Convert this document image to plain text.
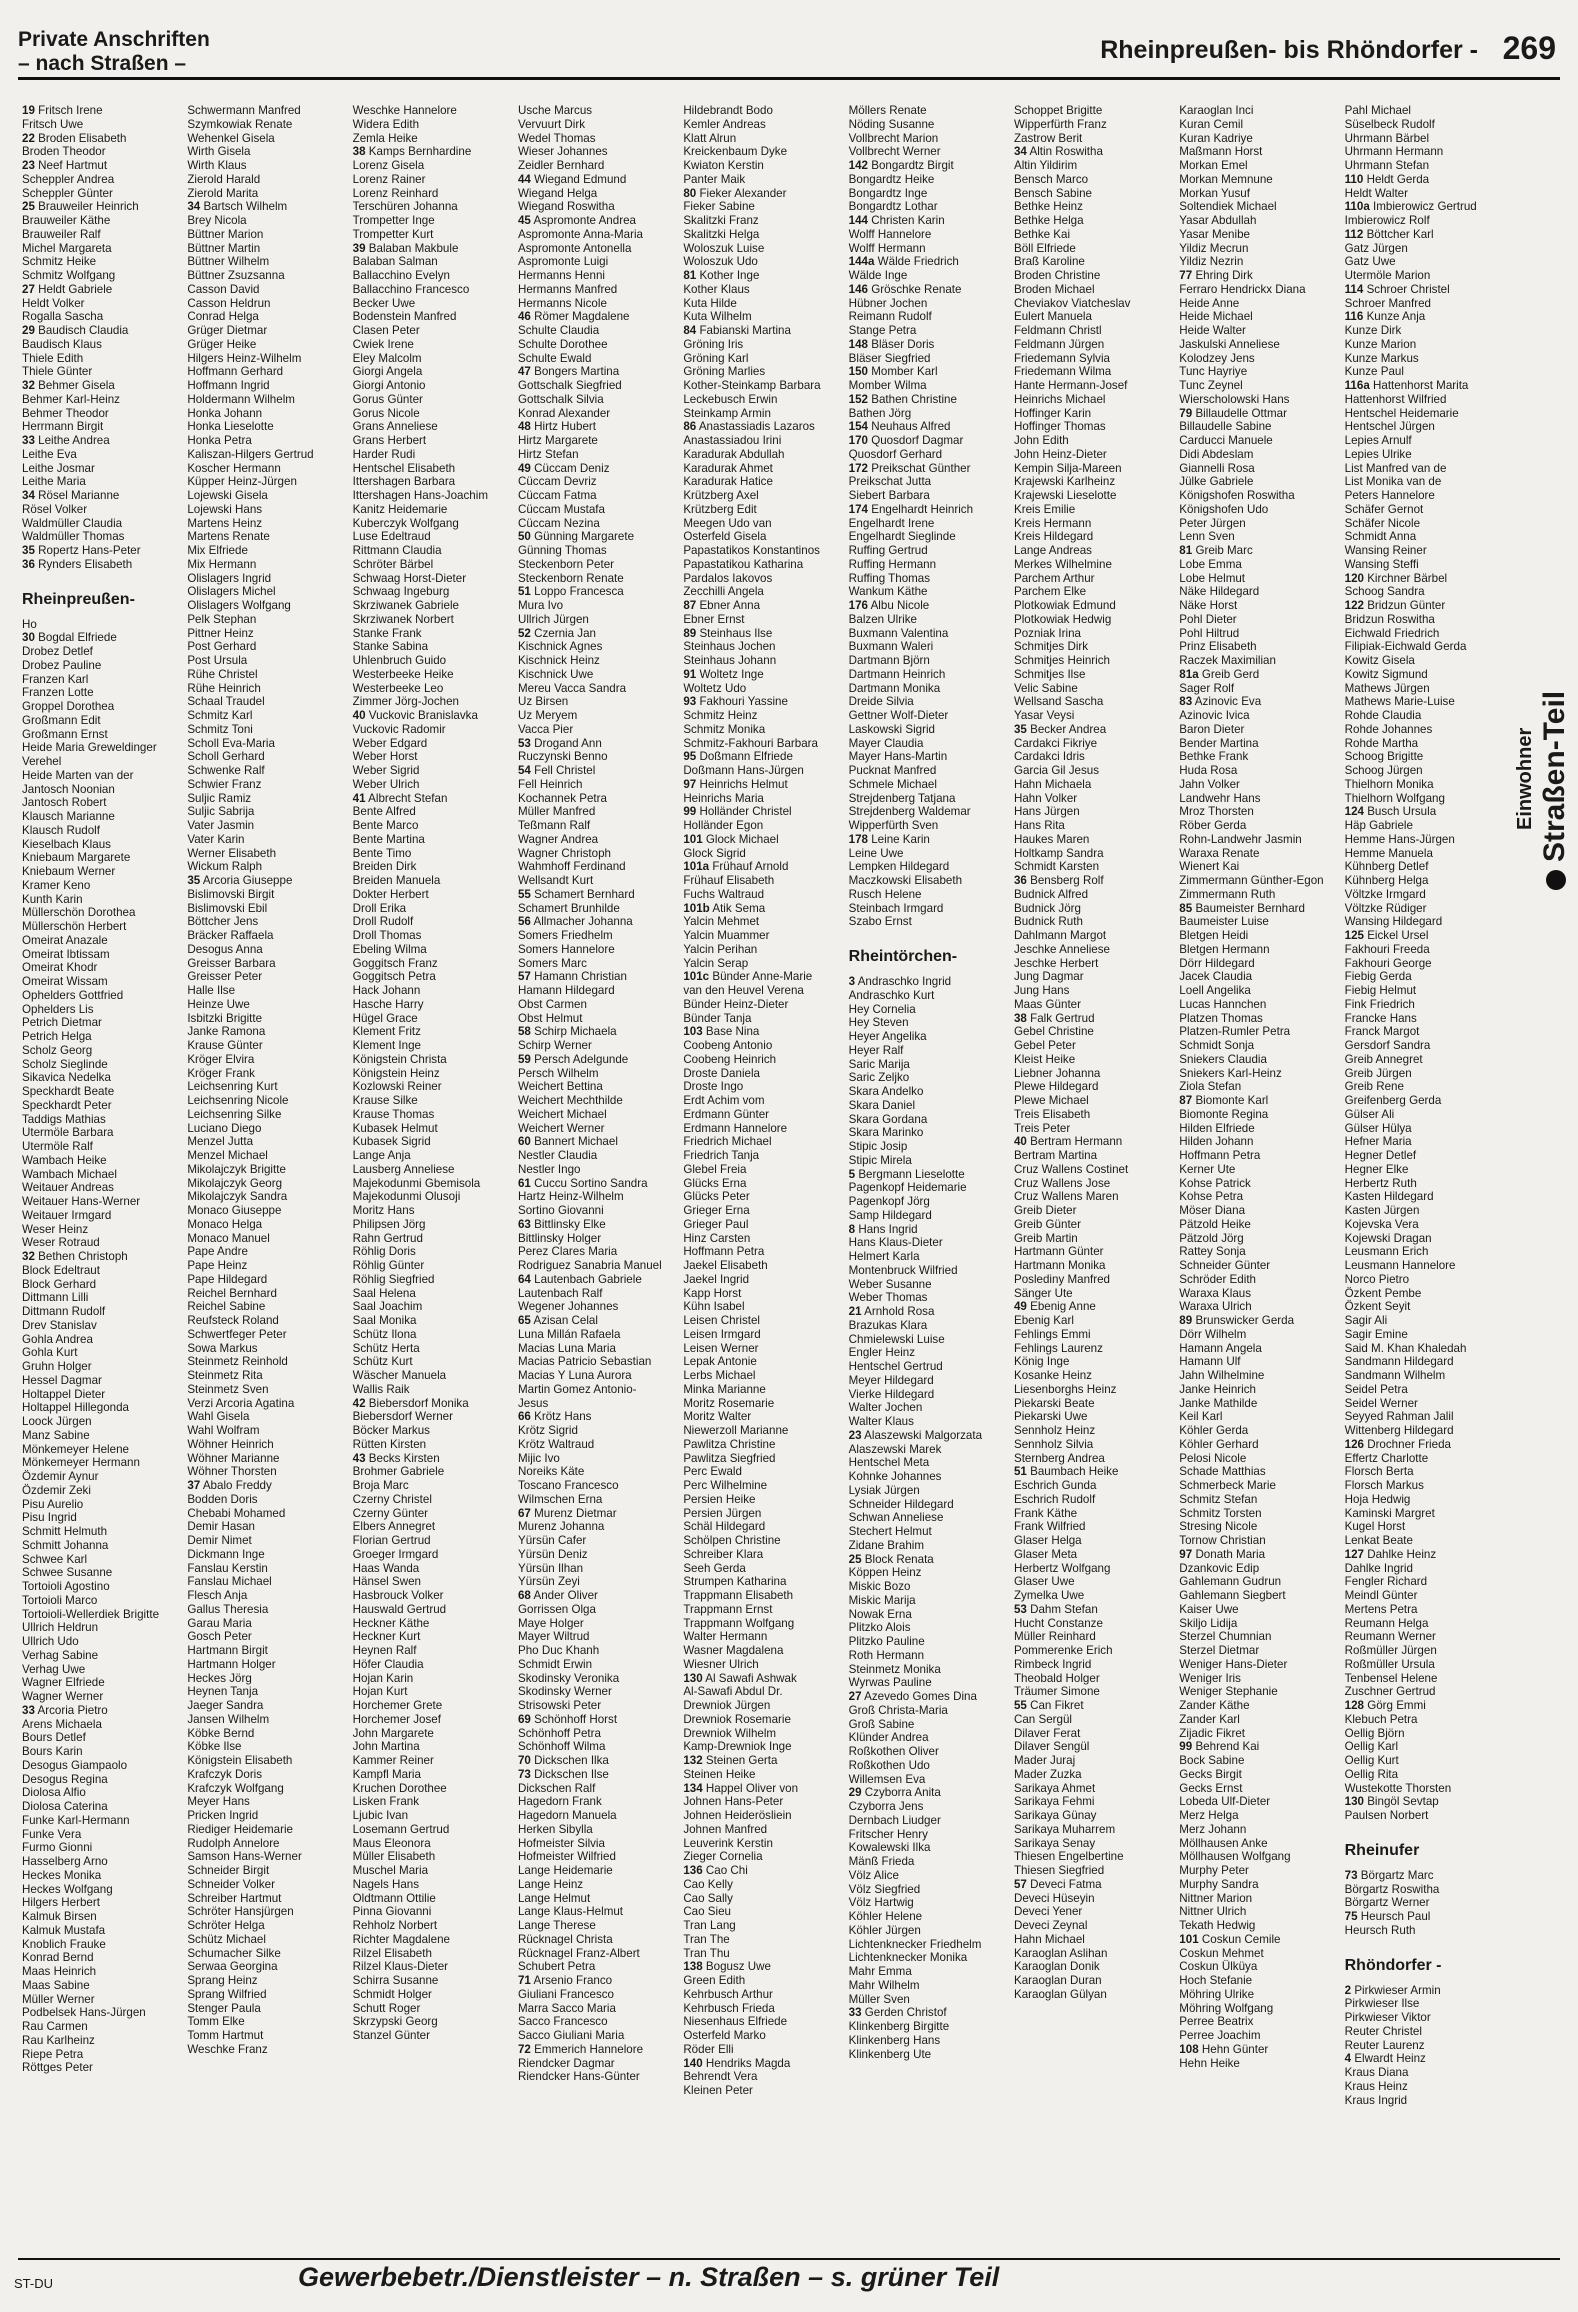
Private Anschriften
– nach Straßen –	Rheinpreußen- bis Rhöndorfer - 269
19 Fritsch Irene
Fritsch Uwe
22 Broden Elisabeth
Broden Theodor
23 Neef Hartmut
Scheppler Andrea
Scheppler Günter
25 Brauweiler Heinrich
Brauweiler Käthe
Brauweiler Ralf
Michel Margareta
Schmitz Heike
Schmitz Wolfgang
27 Heldt Gabriele
Heldt Volker
Rogalla Sascha
29 Baudisch Claudia
Baudisch Klaus
Thiele Edith
Thiele Günter
32 Behmer Gisela
Behmer Karl-Heinz
Behmer Theodor
Herrmann Birgit
33 Leithe Andrea
Leithe Eva
Leithe Josmar
Leithe Maria
34 Rösel Marianne
Rösel Volker
Waldmüller Claudia
Waldmüller Thomas
35 Ropertz Hans-Peter
36 Rynders Elisabeth
Rheinpreußen-
Ho
30 Bogdal Elfriede
Drobez Detlef
Drobez Pauline
Franzen Karl
Franzen Lotte
Groppel Dorothea
Großmann Edit
Großmann Ernst
Heide Maria Greweldinger
Verehel
Heide Marten van der
Jantosch Noonian
Jantosch Robert
Klausch Marianne
Klausch Rudolf
Kieselbach Klaus
Kniebaum Margarete
Kniebaum Werner
Kramer Keno
Kunth Karin
Müllerschön Dorothea
Müllerschön Herbert
Omeirat Anazale
Omeirat Ibtissam
Omeirat Khodr
Omeirat Wissam
Ophelders Gottfried
Ophelders Lis
Petrich Dietmar
Petrich Helga
Scholz Georg
Scholz Sieglinde
Sikavica Nedelka
Speckhardt Beate
Speckhardt Peter
Taddigs Mathias
Utermöle Barbara
Utermöle Ralf
Wambach Heike
Wambach Michael
Weitauer Andreas
Weitauer Hans-Werner
Weitauer Irmgard
Weser Heinz
Weser Rotraud
32 Bethen Christoph
Block Edeltraut
Block Gerhard
Dittmann Lilli
Dittmann Rudolf
Drev Stanislav
Gohla Andrea
Gohla Kurt
Gruhn Holger
Hessel Dagmar
Holtappel Dieter
Holtappel Hillegonda
Loock Jürgen
Manz Sabine
Mönkemeyer Helene
Mönkemeyer Hermann
Özdemir Aynur
Özdemir Zeki
Pisu Aurelio
Pisu Ingrid
Schmitt Helmuth
Schmitt Johanna
Schwee Karl
Schwee Susanne
Tortoioli Agostino
Tortoioli Marco
Tortoioli-Wellerdiek Brigitte
Ullrich Heldrun
Ullrich Udo
Verhag Sabine
Verhag Uwe
Wagner Elfriede
Wagner Werner
33 Arcoria Pietro
Arens Michaela
Bours Detlef
Bours Karin
Desogus Giampaolo
Desogus Regina
Diolosa Alfio
Diolosa Caterina
Funke Karl-Hermann
Funke Vera
Furmo Gionni
Hasselberg Arno
Heckes Monika
Heckes Wolfgang
Hilgers Herbert
Kalmuk Birsen
Kalmuk Mustafa
Knoblich Frauke
Konrad Bernd
Maas Heinrich
Maas Sabine
Müller Werner
Podbelsek Hans-Jürgen
Rau Carmen
Rau Karlheinz
Riepe Petra
Röttges Peter
Schwermann Manfred
Szymkowiak Renate
Wehenkel Gisela
Wirth Gisela
Wirth Klaus
Zierold Harald
Zierold Marita
34 Bartsch Wilhelm
Brey Nicola
Büttner Marion
Büttner Martin
Büttner Wilhelm
Büttner Zsuzsanna
Casson David
Casson Heldrun
Conrad Helga
Grüger Dietmar
Grüger Heike
Hilgers Heinz-Wilhelm
Hoffmann Gerhard
Hoffmann Ingrid
Holdermann Wilhelm
Honka Johann
Honka Lieselotte
Honka Petra
Kaliszan-Hilgers Gertrud
Koscher Hermann
Küpper Heinz-Jürgen
Lojewski Gisela
Lojewski Hans
Martens Heinz
Martens Renate
Mix Elfriede
Mix Hermann
Olislagers Ingrid
Olislagers Michel
Olislagers Wolfgang
Pelk Stephan
Pittner Heinz
Post Gerhard
Post Ursula
Rühe Christel
Rühe Heinrich
Schaal Traudel
Schmitz Karl
Schmitz Toni
Scholl Eva-Maria
Scholl Gerhard
Schwenke Ralf
Schwier Franz
Suljic Ramiz
Suljic Sabrija
Vater Jasmin
Vater Karin
Werner Elisabeth
Wickum Ralph
35 Arcoria Giuseppe
Bislimovski Birgit
Bislimovski Ebil
Böttcher Jens
Bräcker Raffaela
Desogus Anna
Greisser Barbara
Greisser Peter
Halle Ilse
Heinze Uwe
Isbitzki Brigitte
Janke Ramona
Krause Günter
Kröger Elvira
Kröger Frank
Leichsenring Kurt
Leichsenring Nicole
Leichsenring Silke
Luciano Diego
Menzel Jutta
Menzel Michael
Mikolajczyk Brigitte
Mikolajczyk Georg
Mikolajczyk Sandra
Monaco Giuseppe
Monaco Helga
Monaco Manuel
Pape Andre
Pape Heinz
Pape Hildegard
Reichel Bernhard
Reichel Sabine
Reufsteck Roland
Schwertfeger Peter
Sowa Markus
Steinmetz Reinhold
Steinmetz Rita
Steinmetz Sven
Verzi Arcoria Agatina
Wahl Gisela
Wahl Wolfram
Wöhner Heinrich
Wöhner Marianne
Wöhner Thorsten
37 Abalo Freddy
Bodden Doris
Chebabi Mohamed
Demir Hasan
Demir Nimet
Dickmann Inge
Fanslau Kerstin
Fanslau Michael
Flesch Anja
Gallus Theresia
Garau Maria
Gosch Peter
Hartmann Birgit
Hartmann Holger
Heckes Jörg
Heynen Tanja
Jaeger Sandra
Jansen Wilhelm
Köbke Bernd
Köbke Ilse
Königstein Elisabeth
Krafczyk Doris
Krafczyk Wolfgang
Meyer Hans
Pricken Ingrid
Riediger Heidemarie
Rudolph Annelore
Samson Hans-Werner
Schneider Birgit
Schneider Volker
Schreiber Hartmut
Schröter Hansjürgen
Schröter Helga
Schütz Michael
Schumacher Silke
Serwaa Georgina
Sprang Heinz
Sprang Wilfried
Stenger Paula
Tomm Elke
Tomm Hartmut
Weschke Franz
Weschke Hannelore
Widera Edith
Zemla Heike
38 Kamps Bernhardine
Lorenz Gisela
Lorenz Rainer
Lorenz Reinhard
Terschüren Johanna
Trompetter Inge
Trompetter Kurt
39 Balaban Makbule
Balaban Salman
Ballacchino Evelyn
Ballacchino Francesco
Becker Uwe
Bodenstein Manfred
Clasen Peter
Cwiek Irene
Eley Malcolm
Giorgi Angela
Giorgi Antonio
Gorus Günter
Gorus Nicole
Grans Anneliese
Grans Herbert
Harder Rudi
Hentschel Elisabeth
Ittershagen Barbara
Ittershagen Hans-Joachim
Kanitz Heidemarie
Kuberczyk Wolfgang
Luse Edeltraud
Rittmann Claudia
Schröter Bärbel
Schwaag Horst-Dieter
Schwaag Ingeburg
Skrziwanek Gabriele
Skrziwanek Norbert
Stanke Frank
Stanke Sabina
Uhlenbruch Guido
Westerbeeke Heike
Westerbeeke Leo
Zimmer Jörg-Jochen
40 Vuckovic Branislavka
Vuckovic Radomir
Weber Edgard
Weber Horst
Weber Sigrid
Weber Ulrich
41 Albrecht Stefan
Bente Alfred
Bente Marco
Bente Martina
Bente Timo
Breiden Dirk
Breiden Manuela
Dokter Herbert
Droll Erika
Droll Rudolf
Droll Thomas
Ebeling Wilma
Goggitsch Franz
Goggitsch Petra
Hack Johann
Hasche Harry
Hügel Grace
Klement Fritz
Klement Inge
Königstein Christa
Königstein Heinz
Kozlowski Reiner
Krause Silke
Krause Thomas
Kubasek Helmut
Kubasek Sigrid
Lange Anja
Lausberg Anneliese
Majekodunmi Gbemisola
Majekodunmi Olusoji
Moritz Hans
Philipsen Jörg
Rahn Gertrud
Röhlig Doris
Röhlig Günter
Röhlig Siegfried
Saal Helena
Saal Joachim
Saal Monika
Schütz Ilona
Schütz Herta
Schütz Kurt
Wäscher Manuela
Wallis Raik
42 Biebersdorf Monika
Biebersdorf Werner
Böcker Markus
Rütten Kirsten
43 Becks Kirsten
Brohmer Gabriele
Broja Marc
Czerny Christel
Czerny Günter
Elbers Annegret
Florian Gertrud
Groeger Irmgard
Haas Wanda
Hänsel Swen
Hasbrouck Volker
Hauswald Gertrud
Heckner Käthe
Heckner Kurt
Heynen Ralf
Höfer Claudia
Hojan Karin
Hojan Kurt
Horchemer Grete
Horchemer Josef
John Margarete
John Martina
Kammer Reiner
Kampfl Maria
Kruchen Dorothee
Lisken Frank
Ljubic Ivan
Losemann Gertrud
Maus Eleonora
Müller Elisabeth
Muschel Maria
Nagels Hans
Oldtmann Ottilie
Pinna Giovanni
Rehholz Norbert
Richter Magdalene
Rilzel Elisabeth
Rilzel Klaus-Dieter
Schirra Susanne
Schmidt Holger
Schutt Roger
Skrzypski Georg
Stanzel Günter
Usche Marcus
Vervuurt Dirk
Wedel Thomas
Wieser Johannes
Zeidler Bernhard
44 Wiegand Edmund
Wiegand Helga
Wiegand Roswitha
45 Aspromonte Andrea
Aspromonte Anna-Maria
Aspromonte Antonella
Aspromonte Luigi
Hermanns Henni
Hermanns Manfred
Hermanns Nicole
46 Römer Magdalene
Schulte Claudia
Schulte Dorothee
Schulte Ewald
47 Bongers Martina
Gottschalk Siegfried
Gottschalk Silvia
Konrad Alexander
48 Hirtz Hubert
Hirtz Margarete
Hirtz Stefan
49 Cüccam Deniz
Cüccam Devriz
Cüccam Fatma
Cüccam Mustafa
Cüccam Nezina
50 Günning Margarete
Günning Thomas
Steckenborn Peter
Steckenborn Renate
51 Loppo Francesca
Mura Ivo
Ullrich Jürgen
52 Czernia Jan
Kischnick Agnes
Kischnick Heinz
Kischnick Uwe
Mereu Vacca Sandra
Uz Birsen
Uz Meryem
Vacca Pier
53 Drogand Ann
Ruczynski Benno
54 Fell Christel
Fell Heinrich
Kochannek Petra
Müller Manfred
Teßmann Ralf
Wagner Andrea
Wagner Christoph
Wahmhoff Ferdinand
Wellsandt Kurt
55 Schamert Bernhard
Schamert Brunhilde
56 Allmacher Johanna
Somers Friedhelm
Somers Hannelore
Somers Marc
57 Hamann Christian
Hamann Hildegard
Obst Carmen
Obst Helmut
58 Schirp Michaela
Schirp Werner
59 Persch Adelgunde
Persch Wilhelm
Weichert Bettina
Weichert Mechthilde
Weichert Michael
Weichert Werner
60 Bannert Michael
Nestler Claudia
Nestler Ingo
61 Cuccu Sortino Sandra
Hartz Heinz-Wilhelm
Sortino Giovanni
63 Bittlinsky Elke
Bittlinsky Holger
Perez Clares Maria
Rodriguez Sanabria Manuel
64 Lautenbach Gabriele
Lautenbach Ralf
Wegener Johannes
65 Azisan Celal
Luna Millán Rafaela
Macias Luna Maria
Macias Patricio Sebastian
Macias Y Luna Aurora
Martin Gomez Antonio-
Jesus
66 Krötz Hans
Krötz Sigrid
Krötz Waltraud
Mijic Ivo
Noreiks Käte
Toscano Francesco
Wilmschen Erna
67 Murenz Dietmar
Murenz Johanna
Yürsün Cafer
Yürsün Deniz
Yürsün Ilhan
Yürsün Zeyi
68 Ander Oliver
Gorrissen Olga
Maye Holger
Mayer Wiltrud
Pho Duc Khanh
Schmidt Erwin
Skodinsky Veronika
Skodinsky Werner
Strisowski Peter
69 Schönhoff Horst
Schönhoff Petra
Schönhoff Wilma
70 Dickschen Ilka
73 Dickschen Ilse
Dickschen Ralf
Hagedorn Frank
Hagedorn Manuela
Herken Sibylla
Hofmeister Silvia
Hofmeister Wilfried
Lange Heidemarie
Lange Heinz
Lange Helmut
Lange Klaus-Helmut
Lange Therese
Rücknagel Christa
Rücknagel Franz-Albert
Schubert Petra
71 Arsenio Franco
Giuliani Francesco
Marra Sacco Maria
Sacco Francesco
Sacco Giuliani Maria
72 Emmerich Hannelore
Riendcker Dagmar
Riendcker Hans-Günter
Hildebrandt Bodo
Kemler Andreas
Klatt Alrun
Kreickenbaum Dyke
Kwiaton Kerstin
Panter Maik
80 Fieker Alexander
Fieker Sabine
Skalitzki Franz
Skalitzki Helga
Woloszuk Luise
Woloszuk Udo
81 Kother Inge
Kother Klaus
Kuta Hilde
Kuta Wilhelm
84 Fabianski Martina
Gröning Iris
Gröning Karl
Gröning Marlies
Kother-Steinkamp Barbara
Leckebusch Erwin
Steinkamp Armin
86 Anastassiadis Lazaros
Anastassiadou Irini
Karadurak Abdullah
Karadurak Ahmet
Karadurak Hatice
Krützberg Axel
Krützberg Edit
Meegen Udo van
Osterfeld Gisela
Papastatikos Konstantinos
Papastatikou Katharina
Pardalos Iakovos
Zecchilli Angela
87 Ebner Anna
Ebner Ernst
89 Steinhaus Ilse
Steinhaus Jochen
Steinhaus Johann
91 Woltetz Inge
Woltetz Udo
93 Fakhouri Yassine
Schmitz Heinz
Schmitz Monika
Schmitz-Fakhouri Barbara
95 Doßmann Elfriede
Doßmann Hans-Jürgen
97 Heinrichs Helmut
Heinrichs Maria
99 Holländer Christel
Holländer Egon
101 Glock Michael
Glock Sigrid
101a Frühauf Arnold
Frühauf Elisabeth
Fuchs Waltraud
101b Atik Sema
Yalcin Mehmet
Yalcin Muammer
Yalcin Perihan
Yalcin Serap
101c Bünder Anne-Marie
van den Heuvel Verena
Bünder Heinz-Dieter
Bünder Tanja
103 Base Nina
Coobeng Antonio
Coobeng Heinrich
Droste Daniela
Droste Ingo
Erdt Achim vom
Erdmann Günter
Erdmann Hannelore
Friedrich Michael
Friedrich Tanja
Glebel Freia
Glücks Erna
Glücks Peter
Grieger Erna
Grieger Paul
Hinz Carsten
Hoffmann Petra
Jaekel Elisabeth
Jaekel Ingrid
Kapp Horst
Kühn Isabel
Leisen Christel
Leisen Irmgard
Leisen Werner
Lepak Antonie
Lerbs Michael
Minka Marianne
Moritz Rosemarie
Moritz Walter
Niewerzoll Marianne
Pawlitza Christine
Pawlitza Siegfried
Perc Ewald
Perc Wilhelmine
Persien Heike
Persien Jürgen
Schäl Hildegard
Schölpen Christine
Schreiber Klara
Seeh Gerda
Strumpen Katharina
Trappmann Elisabeth
Trappmann Ernst
Trappmann Wolfgang
Walter Hermann
Wasner Magdalena
Wiesner Ulrich
130 Al Sawafi Ashwak
Al-Sawafi Abdul Dr.
Drewniok Jürgen
Drewniok Rosemarie
Drewniok Wilhelm
Kamp-Drewniok Inge
132 Steinen Gerta
Steinen Heike
134 Happel Oliver von
Johnen Hans-Peter
Johnen Heiderösliein
Johnen Manfred
Leuverink Kerstin
Zieger Cornelia
136 Cao Chi
Cao Kelly
Cao Sally
Cao Sieu
Tran Lang
Tran The
Tran Thu
138 Bogusz Uwe
Green Edith
Kehrbusch Arthur
Kehrbusch Frieda
Niesenhaus Elfriede
Osterfeld Marko
Röder Elli
140 Hendriks Magda
Behrendt Vera
Kleinen Peter
Möllers Renate
Nöding Susanne
Vollbrecht Marion
Vollbrecht Werner
142 Bongardtz Birgit
Bongardtz Heike
Bongardtz Inge
Bongardtz Lothar
144 Christen Karin
Wolff Hannelore
Wolff Hermann
144a Wälde Friedrich
Wälde Inge
146 Gröschke Renate
Hübner Jochen
Reimann Rudolf
Stange Petra
148 Bläser Doris
Bläser Siegfried
150 Momber Karl
Momber Wilma
152 Bathen Christine
Bathen Jörg
154 Neuhaus Alfred
170 Quosdorf Dagmar
Quosdorf Gerhard
172 Preikschat Günther
Preikschat Jutta
Siebert Barbara
174 Engelhardt Heinrich
Engelhardt Irene
Engelhardt Sieglinde
Ruffing Gertrud
Ruffing Hermann
Ruffing Thomas
Wankum Käthe
176 Albu Nicole
Balzen Ulrike
Buxmann Valentina
Buxmann Waleri
Dartmann Björn
Dartmann Heinrich
Dartmann Monika
Dreide Silvia
Gettner Wolf-Dieter
Laskowski Sigrid
Mayer Claudia
Mayer Hans-Martin
Pucknat Manfred
Schmele Michael
Strejdenberg Tatjana
Strejdenberg Waldemar
Wipperfürth Sven
178 Leine Karin
Leine Uwe
Lempken Hildegard
Maczkowski Elisabeth
Rusch Helene
Steinbach Irmgard
Szabo Ernst
Rheintörchen-
3 Andraschko Ingrid
Andraschko Kurt
Hey Cornelia
Hey Steven
Heyer Angelika
Heyer Ralf
Saric Marija
Saric Zeljko
Skara Andelko
Skara Daniel
Skara Gordana
Skara Marinko
Stipic Josip
Stipic Mirela
5 Bergmann Lieselotte
Pagenkopf Heidemarie
Pagenkopf Jörg
Samp Hildegard
8 Hans Ingrid
Hans Klaus-Dieter
Helmert Karla
Montenbruck Wilfried
Weber Susanne
Weber Thomas
21 Arnhold Rosa
Brazukas Klara
Chmielewski Luise
Engler Heinz
Hentschel Gertrud
Meyer Hildegard
Vierke Hildegard
Walter Jochen
Walter Klaus
23 Alaszewski Malgorzata
Alaszewski Marek
Hentschel Meta
Kohnke Johannes
Lysiak Jürgen
Schneider Hildegard
Schwan Anneliese
Stechert Helmut
Zidane Brahim
25 Block Renata
Köppen Heinz
Miskic Bozo
Miskic Marija
Nowak Erna
Plitzko Alois
Plitzko Pauline
Roth Hermann
Steinmetz Monika
Wyrwas Pauline
27 Azevedo Gomes Dina
Groß Christa-Maria
Groß Sabine
Klünder Andrea
Roßkothen Oliver
Roßkothen Udo
Willemsen Eva
29 Czyborra Anita
Czyborra Jens
Dernbach Liudger
Fritscher Henry
Kowalewski Ilka
Mänß Frieda
Völz Alice
Völz Siegfried
Völz Hartwig
Köhler Helene
Köhler Jürgen
Lichtenknecker Friedhelm
Lichtenknecker Monika
Mahr Emma
Mahr Wilhelm
Müller Sven
33 Gerden Christof
Klinkenberg Birgitte
Klinkenberg Hans
Klinkenberg Ute
Schoppet Brigitte
Wipperfürth Franz
Zastrow Berit
34 Altin Roswitha
Altin Yildirim
Bensch Marco
Bensch Sabine
Bethke Heinz
Bethke Helga
Bethke Kai
Böll Elfriede
Braß Karoline
Broden Christine
Broden Michael
Cheviakov Viatcheslav
Eulert Manuela
Feldmann Christl
Feldmann Jürgen
Friedemann Sylvia
Friedemann Wilma
Hante Hermann-Josef
Heinrichs Michael
Hoffinger Karin
Hoffinger Thomas
John Edith
John Heinz-Dieter
Kempin Silja-Mareen
Krajewski Karlheinz
Krajewski Lieselotte
Kreis Emilie
Kreis Hermann
Kreis Hildegard
Lange Andreas
Merkes Wilhelmine
Parchem Arthur
Parchem Elke
Plotkowiak Edmund
Plotkowiak Hedwig
Pozniak Irina
Schmitjes Dirk
Schmitjes Heinrich
Schmitjes Ilse
Velic Sabine
Wellsand Sascha
Yasar Veysi
35 Becker Andrea
Cardakci Fikriye
Cardakci Idris
Garcia Gil Jesus
Hahn Michaela
Hahn Volker
Hans Jürgen
Hans Rita
Haukes Maren
Holtkamp Sandra
Schmidt Karsten
36 Bensberg Rolf
Budnick Alfred
Budnick Jörg
Budnick Ruth
Dahlmann Margot
Jeschke Anneliese
Jeschke Herbert
Jung Dagmar
Jung Hans
Maas Günter
38 Falk Gertrud
Gebel Christine
Gebel Peter
Kleist Heike
Liebner Johanna
Plewe Hildegard
Plewe Michael
Treis Elisabeth
Treis Peter
40 Bertram Hermann
Bertram Martina
Cruz Wallens Costinet
Cruz Wallens Jose
Cruz Wallens Maren
Greib Dieter
Greib Günter
Greib Martin
Hartmann Günter
Hartmann Monika
Poslediny Manfred
Sänger Ute
49 Ebenig Anne
Ebenig Karl
Fehlings Emmi
Fehlings Laurenz
König Inge
Kosanke Heinz
Liesenborghs Heinz
Piekarski Beate
Piekarski Uwe
Sennholz Heinz
Sennholz Silvia
Sternberg Andrea
51 Baumbach Heike
Eschrich Gunda
Eschrich Rudolf
Frank Käthe
Frank Wilfried
Glaser Helga
Glaser Meta
Herbertz Wolfgang
Glaser Uwe
Zymelka Uwe
53 Dahm Stefan
Hucht Constanze
Müller Reinhard
Pommerenke Erich
Rimbeck Ingrid
Theobald Holger
Träumer Simone
55 Can Fikret
Can Sergül
Dilaver Ferat
Dilaver Sengül
Mader Juraj
Mader Zuzka
Sarikaya Ahmet
Sarikaya Fehmi
Sarikaya Günay
Sarikaya Muharrem
Sarikaya Senay
Thiesen Engelbertine
Thiesen Siegfried
57 Deveci Fatma
Deveci Hüseyin
Deveci Yener
Deveci Zeynal
Hahn Michael
Karaoglan Aslihan
Karaoglan Donik
Karaoglan Duran
Karaoglan Gülyan
Karaoglan Inci
Kuran Cemil
Kuran Kadriye
Maßmann Horst
Morkan Emel
Morkan Memnune
Morkan Yusuf
Soltendiek Michael
Yasar Abdullah
Yasar Menibe
Yildiz Mecrun
Yildiz Nezrin
77 Ehring Dirk
Ferraro Hendrickx Diana
Heide Anne
Heide Michael
Heide Walter
Jaskulski Anneliese
Kolodzey Jens
Tunc Hayriye
Tunc Zeynel
Wierscholowski Hans
79 Billaudelle Ottmar
Billaudelle Sabine
Carducci Manuele
Didi Abdeslam
Giannelli Rosa
Jülke Gabriele
Königshofen Roswitha
Königshofen Udo
Peter Jürgen
Lenn Sven
81 Greib Marc
Lobe Emma
Lobe Helmut
Näke Hildegard
Näke Horst
Pohl Dieter
Pohl Hiltrud
Prinz Elisabeth
Raczek Maximilian
81a Greib Gerd
Sager Rolf
83 Azinovic Eva
Azinovic Ivica
Baron Dieter
Bender Martina
Bethke Frank
Huda Rosa
Jahn Volker
Landwehr Hans
Mroz Thorsten
Röber Gerda
Rohn-Landwehr Jasmin
Waraxa Renate
Wienert Kai
Zimmermann Günther-Egon
Zimmermann Ruth
85 Baumeister Bernhard
Baumeister Luise
Bletgen Heidi
Bletgen Hermann
Dörr Hildegard
Jacek Claudia
Loell Angelika
Lucas Hannchen
Platzen Thomas
Platzen-Rumler Petra
Schmidt Sonja
Sniekers Claudia
Sniekers Karl-Heinz
Ziola Stefan
87 Biomonte Karl
Biomonte Regina
Hilden Elfriede
Hilden Johann
Hoffmann Petra
Kerner Ute
Kohse Patrick
Kohse Petra
Möser Diana
Pätzold Heike
Pätzold Jörg
Rattey Sonja
Schneider Günter
Schröder Edith
Waraxa Klaus
Waraxa Ulrich
89 Brunswicker Gerda
Dörr Wilhelm
Hamann Angela
Hamann Ulf
Jahn Wilhelmine
Janke Heinrich
Janke Mathilde
Keil Karl
Köhler Gerda
Köhler Gerhard
Pelosi Nicole
Schade Matthias
Schmerbeck Marie
Schmitz Stefan
Schmitz Torsten
Stresing Nicole
Tornow Christian
97 Donath Maria
Dzankovic Edip
Gahlemann Gudrun
Gahlemann Siegbert
Kaiser Uwe
Skiljo Lidija
Sterzel Chumnian
Sterzel Dietmar
Weniger Hans-Dieter
Weniger Iris
Weniger Stephanie
Zander Käthe
Zander Karl
Zijadic Fikret
99 Behrend Kai
Bock Sabine
Gecks Birgit
Gecks Ernst
Lobeda Ulf-Dieter
Merz Helga
Merz Johann
Möllhausen Anke
Möllhausen Wolfgang
Murphy Peter
Murphy Sandra
Nittner Marion
Nittner Ulrich
Tekath Hedwig
101 Coskun Cemile
Coskun Mehmet
Coskun Ülküya
Hoch Stefanie
Möhring Ulrike
Möhring Wolfgang
Perree Beatrix
Perree Joachim
108 Hehn Günter
Hehn Heike
Pahl Michael
Süselbeck Rudolf
Uhrmann Bärbel
Uhrmann Hermann
Uhrmann Stefan
110 Heldt Gerda
Heldt Walter
110a Imbierowicz Gertrud
Imbierowicz Rolf
112 Böttcher Karl
Gatz Jürgen
Gatz Uwe
Utermöle Marion
114 Schroer Christel
Schroer Manfred
116 Kunze Anja
Kunze Dirk
Kunze Marion
Kunze Markus
Kunze Paul
116a Hattenhorst Marita
Hattenhorst Wilfried
Hentschel Heidemarie
Hentschel Jürgen
Lepies Arnulf
Lepies Ulrike
List Manfred van de
List Monika van de
Peters Hannelore
Schäfer Gernot
Schäfer Nicole
Schmidt Anna
Wansing Reiner
Wansing Steffi
120 Kirchner Bärbel
Schoog Sandra
122 Bridzun Günter
Bridzun Roswitha
Eichwald Friedrich
Filipiak-Eichwald Gerda
Kowitz Gisela
Kowitz Sigmund
Mathews Jürgen
Mathews Marie-Luise
Rohde Claudia
Rohde Johannes
Rohde Martha
Schoog Brigitte
Schoog Jürgen
Thielhorn Monika
Thielhorn Wolfgang
124 Busch Ursula
Häp Gabriele
Hemme Hans-Jürgen
Hemme Manuela
Kühnberg Detlef
Kühnberg Helga
Völtzke Irmgard
Völtzke Rüdiger
Wansing Hildegard
125 Eickel Ursel
Fakhouri Freeda
Fakhouri George
Fiebig Gerda
Fiebig Helmut
Fink Friedrich
Francke Hans
Franck Margot
Gersdorf Sandra
Greib Annegret
Greib Jürgen
Greib Rene
Greifenberg Gerda
Gülser Ali
Gülser Hülya
Hefner Maria
Hegner Detlef
Hegner Elke
Herbertz Ruth
Kasten Hildegard
Kasten Jürgen
Kojevska Vera
Kojewski Dragan
Leusmann Erich
Leusmann Hannelore
Norco Pietro
Özkent Pembe
Özkent Seyit
Sagir Ali
Sagir Emine
Said M. Khan Khaledah
Sandmann Hildegard
Sandmann Wilhelm
Seidel Petra
Seidel Werner
Seyyed Rahman Jalil
Wittenberg Hildegard
126 Drochner Frieda
Effertz Charlotte
Florsch Berta
Florsch Markus
Hoja Hedwig
Kaminski Margret
Kugel Horst
Lenkat Beate
127 Dahlke Heinz
Dahlke Ingrid
Fengler Richard
Meindl Günter
Mertens Petra
Reumann Helga
Reumann Werner
Roßmüller Jürgen
Roßmüller Ursula
Tenbensel Helene
Zuschner Gertrud
128 Görg Emmi
Klebuch Petra
Oellig Björn
Oellig Karl
Oellig Kurt
Oellig Rita
Wustekotte Thorsten
130 Bingöl Sevtap
Paulsen Norbert
Rheinufer
73 Börgartz Marc
Börgartz Roswitha
Börgartz Werner
75 Heursch Paul
Heursch Ruth
Rhöndorfer -
2 Pirkwieser Armin
Pirkwieser Ilse
Pirkwieser Viktor
Reuter Christel
Reuter Laurenz
4 Elwardt Heinz
Kraus Diana
Kraus Heinz
Kraus Ingrid
Einwohner Straßen-Teil
ST-DU	Gewerbebetr./Dienstleister – n. Straßen – s. grüner Teil
